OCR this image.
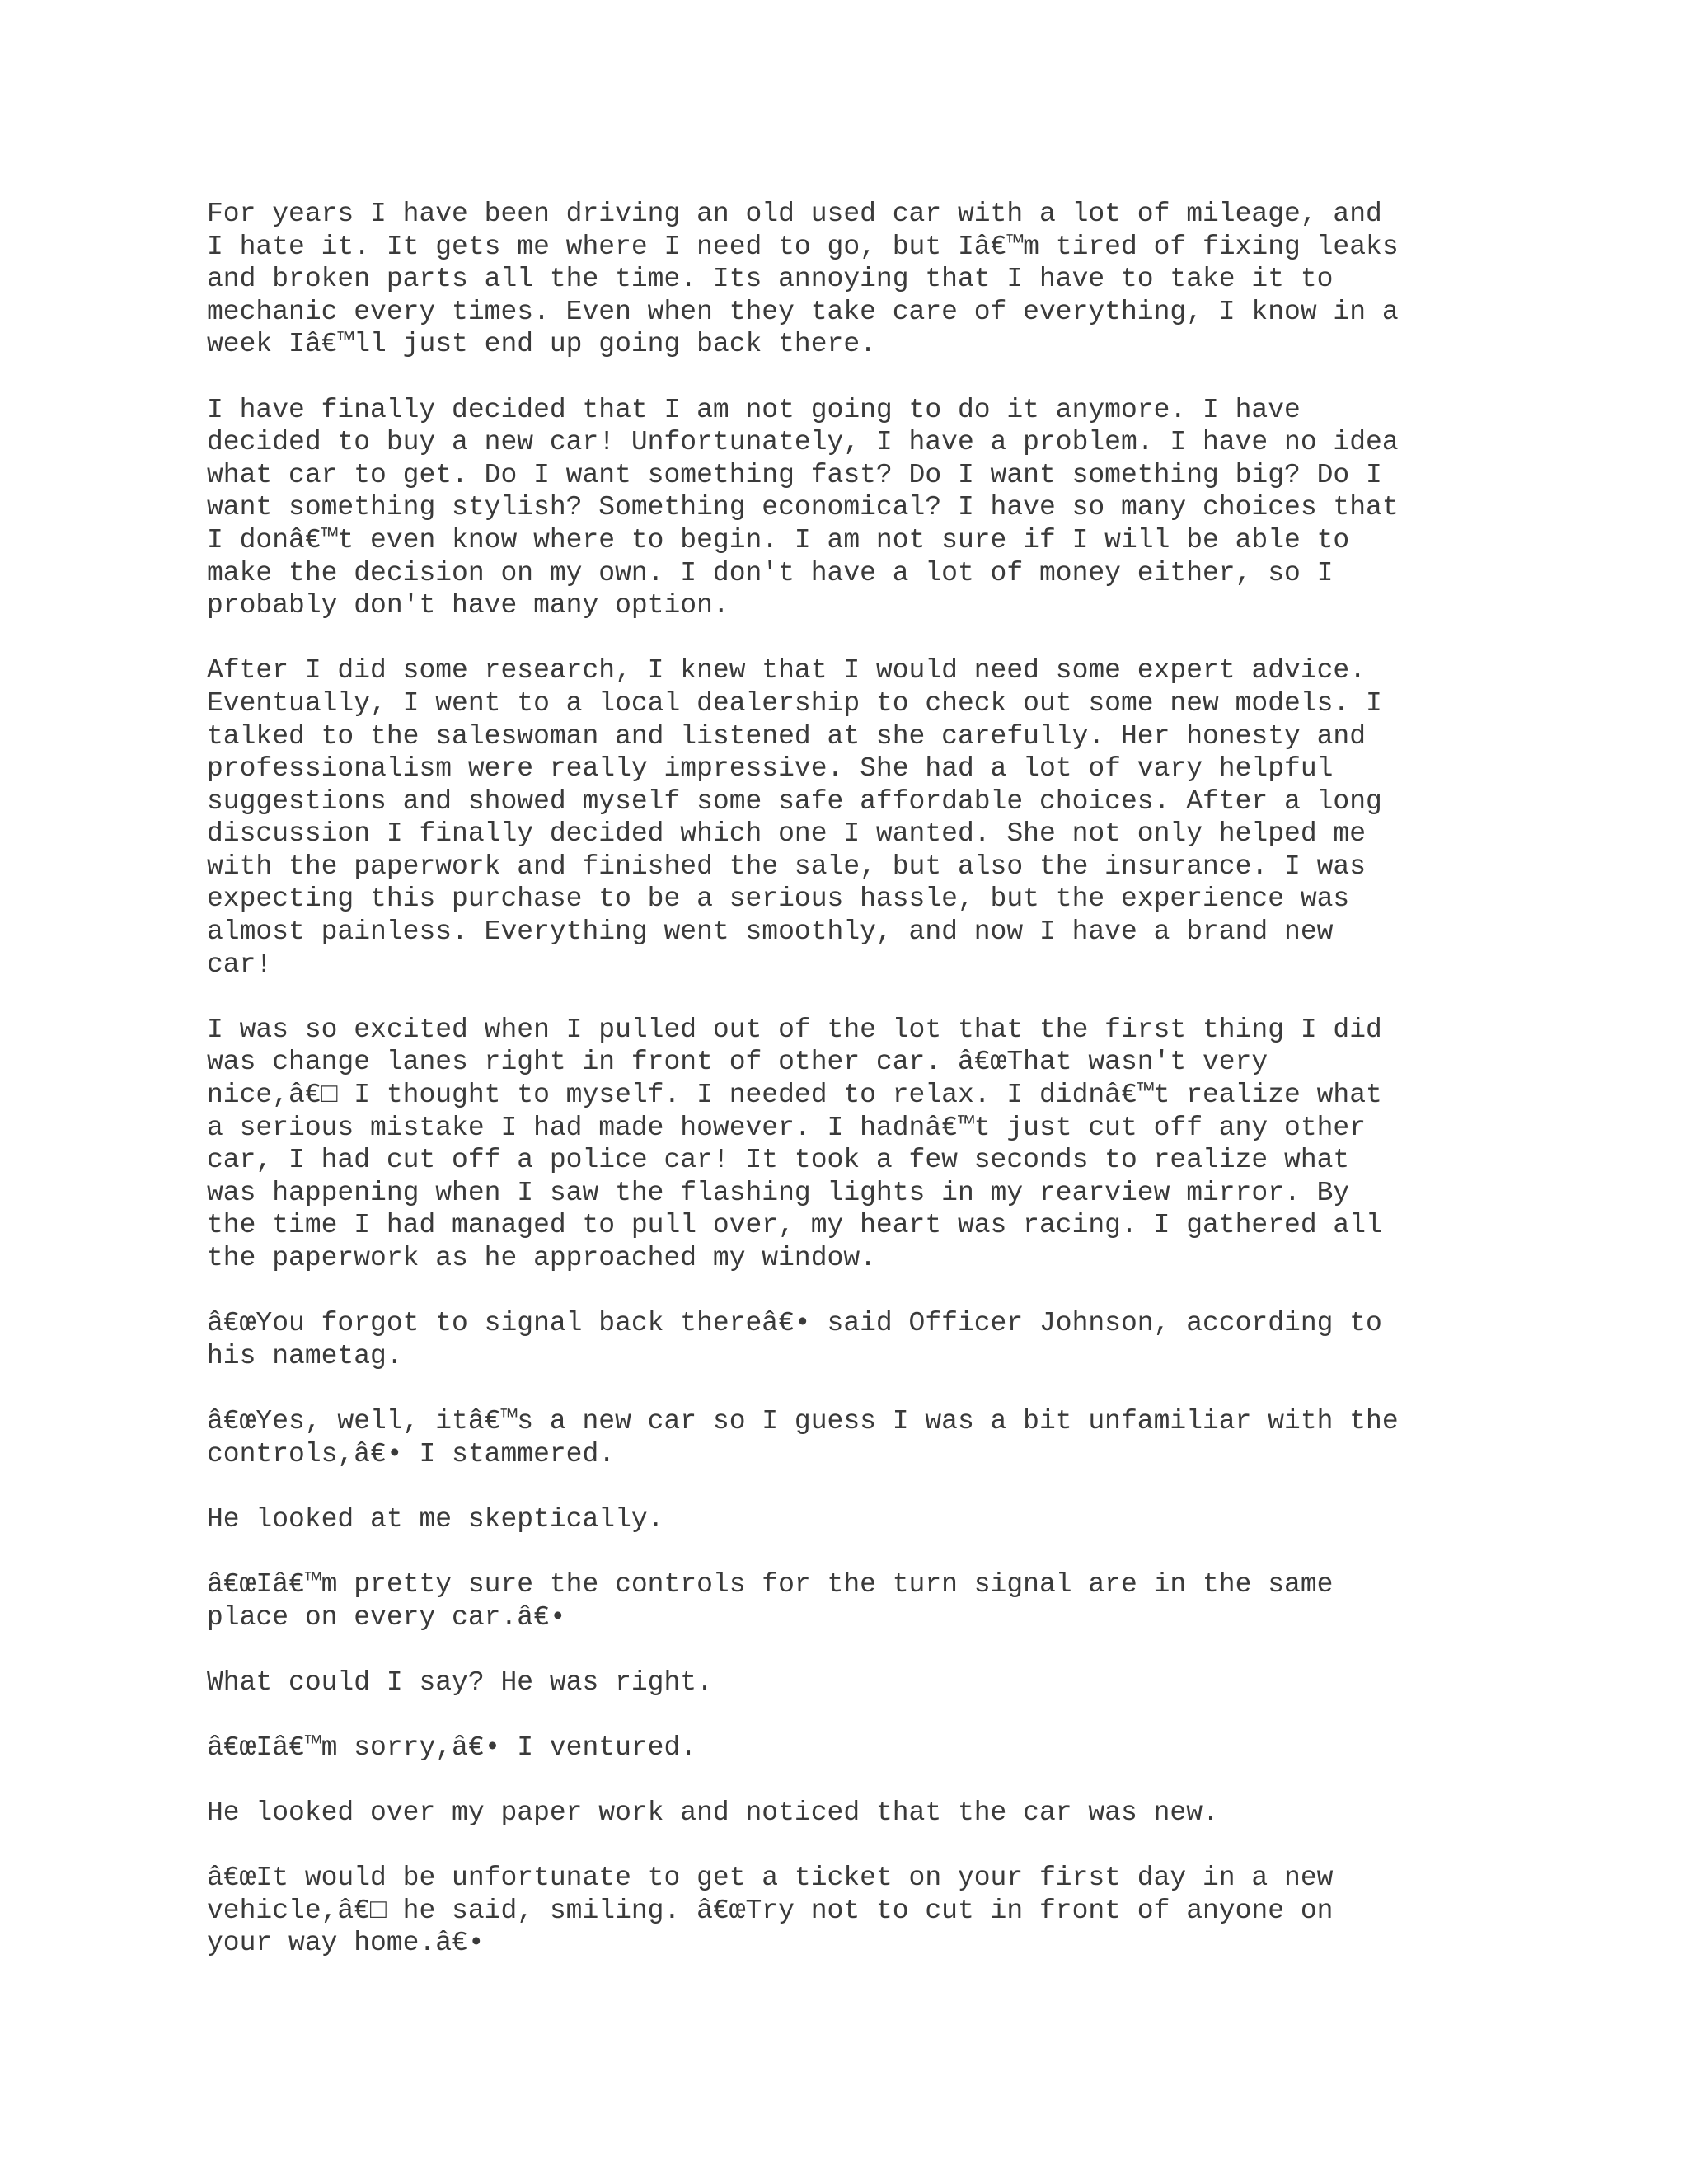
For years I have been driving an old used car with a lot of mileage, and
I hate it. It gets me where I need to go, but Iâ€™m tired of fixing leaks
and broken parts all the time. Its annoying that I have to take it to
mechanic every times. Even when they take care of everything, I know in a
week Iâ€™ll just end up going back there.

I have finally decided that I am not going to do it anymore. I have
decided to buy a new car! Unfortunately, I have a problem. I have no idea
what car to get. Do I want something fast? Do I want something big? Do I
want something stylish? Something economical? I have so many choices that
I donâ€™t even know where to begin. I am not sure if I will be able to
make the decision on my own. I don't have a lot of money either, so I
probably don't have many option.

After I did some research, I knew that I would need some expert advice.
Eventually, I went to a local dealership to check out some new models. I
talked to the saleswoman and listened at she carefully. Her honesty and
professionalism were really impressive. She had a lot of vary helpful
suggestions and showed myself some safe affordable choices. After a long
discussion I finally decided which one I wanted. She not only helped me
with the paperwork and finished the sale, but also the insurance. I was
expecting this purchase to be a serious hassle, but the experience was
almost painless. Everything went smoothly, and now I have a brand new
car!

I was so excited when I pulled out of the lot that the first thing I did
was change lanes right in front of other car. â€œThat wasn't very
nice,â€□ I thought to myself. I needed to relax. I didnâ€™t realize what
a serious mistake I had made however. I hadnâ€™t just cut off any other
car, I had cut off a police car! It took a few seconds to realize what
was happening when I saw the flashing lights in my rearview mirror. By
the time I had managed to pull over, my heart was racing. I gathered all
the paperwork as he approached my window.

â€œYou forgot to signal back thereâ€• said Officer Johnson, according to
his nametag.

â€œYes, well, itâ€™s a new car so I guess I was a bit unfamiliar with the
controls,â€• I stammered.

He looked at me skeptically.

â€œIâ€™m pretty sure the controls for the turn signal are in the same
place on every car.â€•

What could I say? He was right.

â€œIâ€™m sorry,â€• I ventured.

He looked over my paper work and noticed that the car was new.

â€œIt would be unfortunate to get a ticket on your first day in a new
vehicle,â€□ he said, smiling. â€œTry not to cut in front of anyone on
your way home.â€•
